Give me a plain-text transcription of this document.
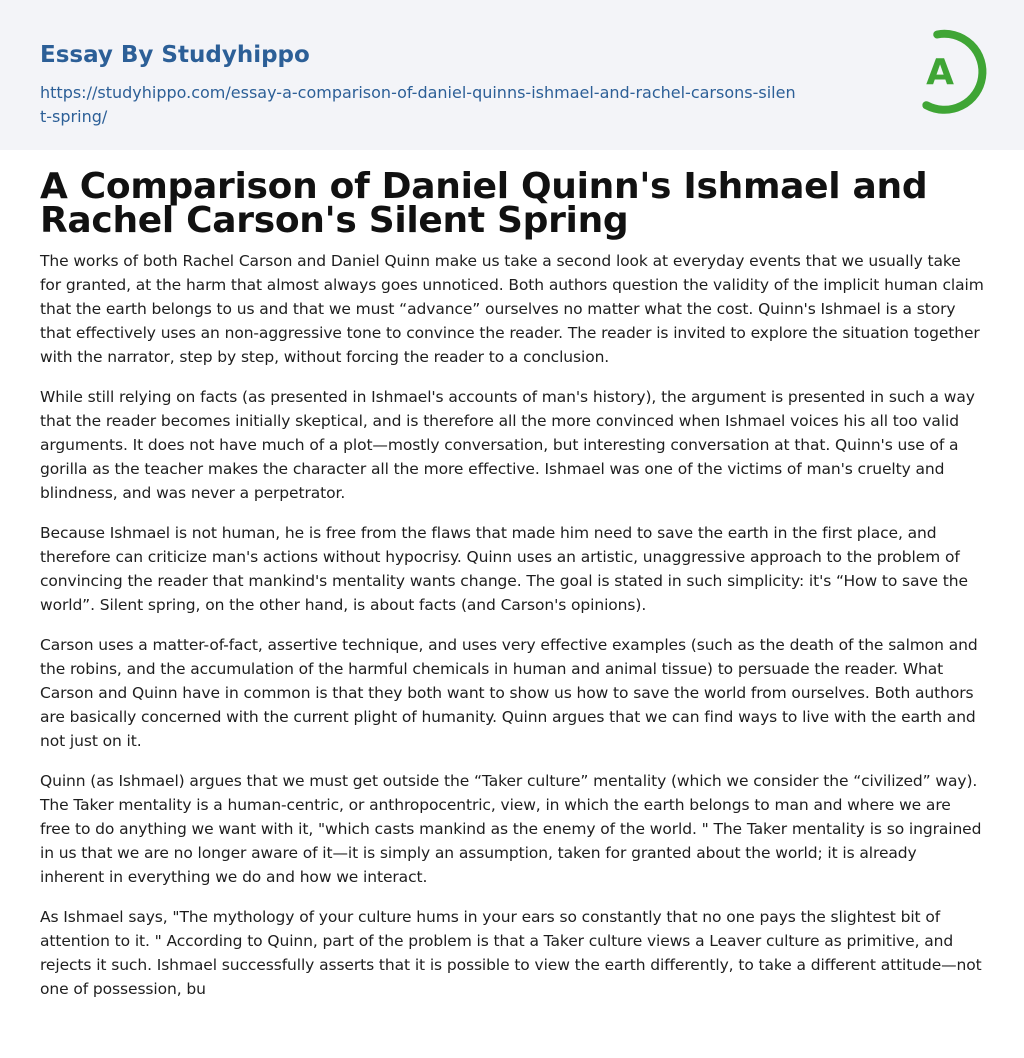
Essay By Studyhippo
https://studyhippo.com/essay-a-comparison-of-daniel-quinns-ishmael-and-rachel-carsons-silent-spring/
A
A Comparison of Daniel Quinn's Ishmael and Rachel Carson's Silent Spring

The works of both Rachel Carson and Daniel Quinn make us take a second look at everyday events that we usually take for granted, at the harm that almost always goes unnoticed. Both authors question the validity of the implicit human claim that the earth belongs to us and that we must “advance” ourselves no matter what the cost. Quinn's Ishmael is a story that effectively uses an non-aggressive tone to convince the reader. The reader is invited to explore the situation together with the narrator, step by step, without forcing the reader to a conclusion.

While still relying on facts (as presented in Ishmael's accounts of man's history), the argument is presented in such a way that the reader becomes initially skeptical, and is therefore all the more convinced when Ishmael voices his all too valid arguments. It does not have much of a plot—mostly conversation, but interesting conversation at that. Quinn's use of a gorilla as the teacher makes the character all the more effective. Ishmael was one of the victims of man's cruelty and blindness, and was never a perpetrator.

Because Ishmael is not human, he is free from the flaws that made him need to save the earth in the first place, and therefore can criticize man's actions without hypocrisy. Quinn uses an artistic, unaggressive approach to the problem of convincing the reader that mankind's mentality wants change. The goal is stated in such simplicity: it's “How to save the world”. Silent spring, on the other hand, is about facts (and Carson's opinions).

Carson uses a matter-of-fact, assertive technique, and uses very effective examples (such as the death of the salmon and the robins, and the accumulation of the harmful chemicals in human and animal tissue) to persuade the reader. What Carson and Quinn have in common is that they both want to show us how to save the world from ourselves. Both authors are basically concerned with the current plight of humanity. Quinn argues that we can find ways to live with the earth and not just on it.

Quinn (as Ishmael) argues that we must get outside the “Taker culture” mentality (which we consider the “civilized” way). The Taker mentality is a human-centric, or anthropocentric, view, in which the earth belongs to man and where we are free to do anything we want with it, "which casts mankind as the enemy of the world. " The Taker mentality is so ingrained in us that we are no longer aware of it—it is simply an assumption, taken for granted about the world; it is already inherent in everything we do and how we interact.

As Ishmael says, "The mythology of your culture hums in your ears so constantly that no one pays the slightest bit of attention to it. " According to Quinn, part of the problem is that a Taker culture views a Leaver culture as primitive, and rejects it such. Ishmael successfully asserts that it is possible to view the earth differently, to take a different attitude—not one of possession, bu
